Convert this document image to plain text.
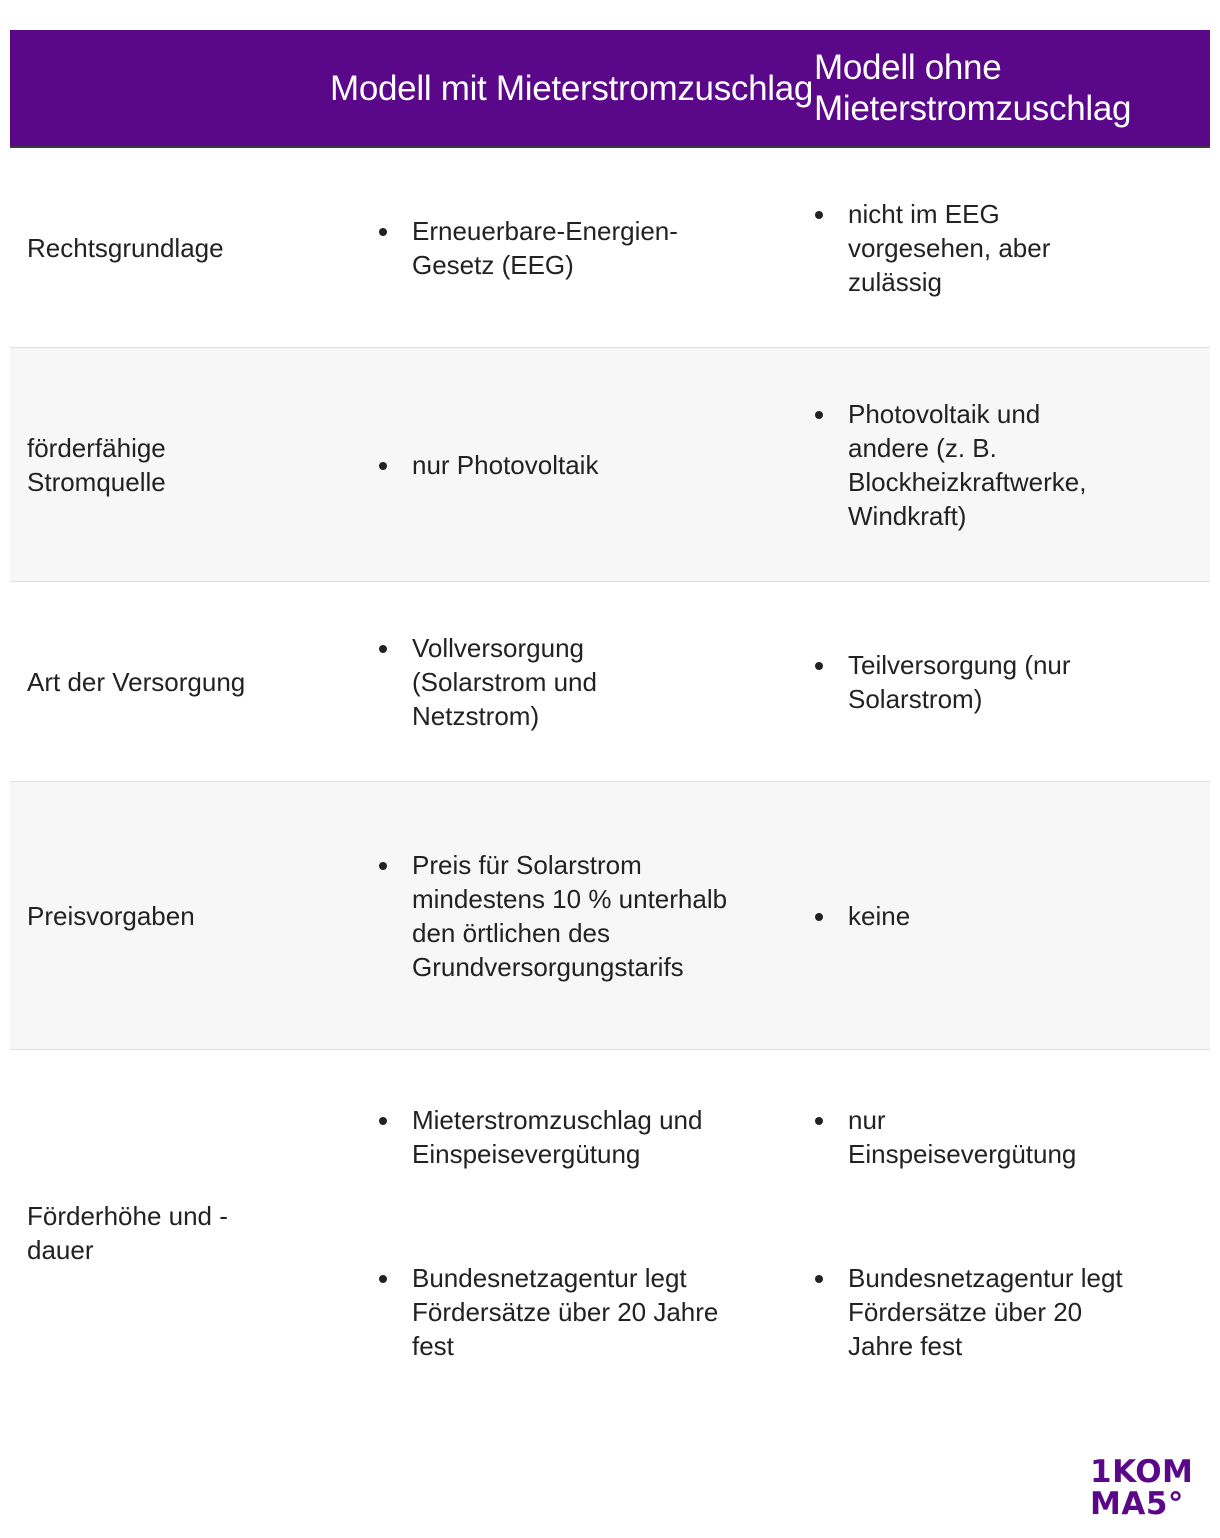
Modell mit Mieterstromzuschlag
Modell ohne Mieterstromzuschlag
Rechtsgrundlage
Erneuerbare-Energien-Gesetz (EEG)
nicht im EEG vorgesehen, aber zulässig
förderfähige Stromquelle
nur Photovoltaik
Photovoltaik und andere (z. B. Blockheizkraftwerke, Windkraft)
Art der Versorgung
Vollversorgung (Solarstrom und Netzstrom)
Teilversorgung (nur Solarstrom)
Preisvorgaben
Preis für Solarstrom mindestens 10 % unterhalb den örtlichen des Grundversorgungstarifs
keine
Förderhöhe und -dauer
Mieterstromzuschlag und Einspeisevergütung
Bundesnetzagentur legt Fördersätze über 20 Jahre fest
nur Einspeisevergütung
Bundesnetzagentur legt Fördersätze über 20 Jahre fest
1KOM
MA5°
